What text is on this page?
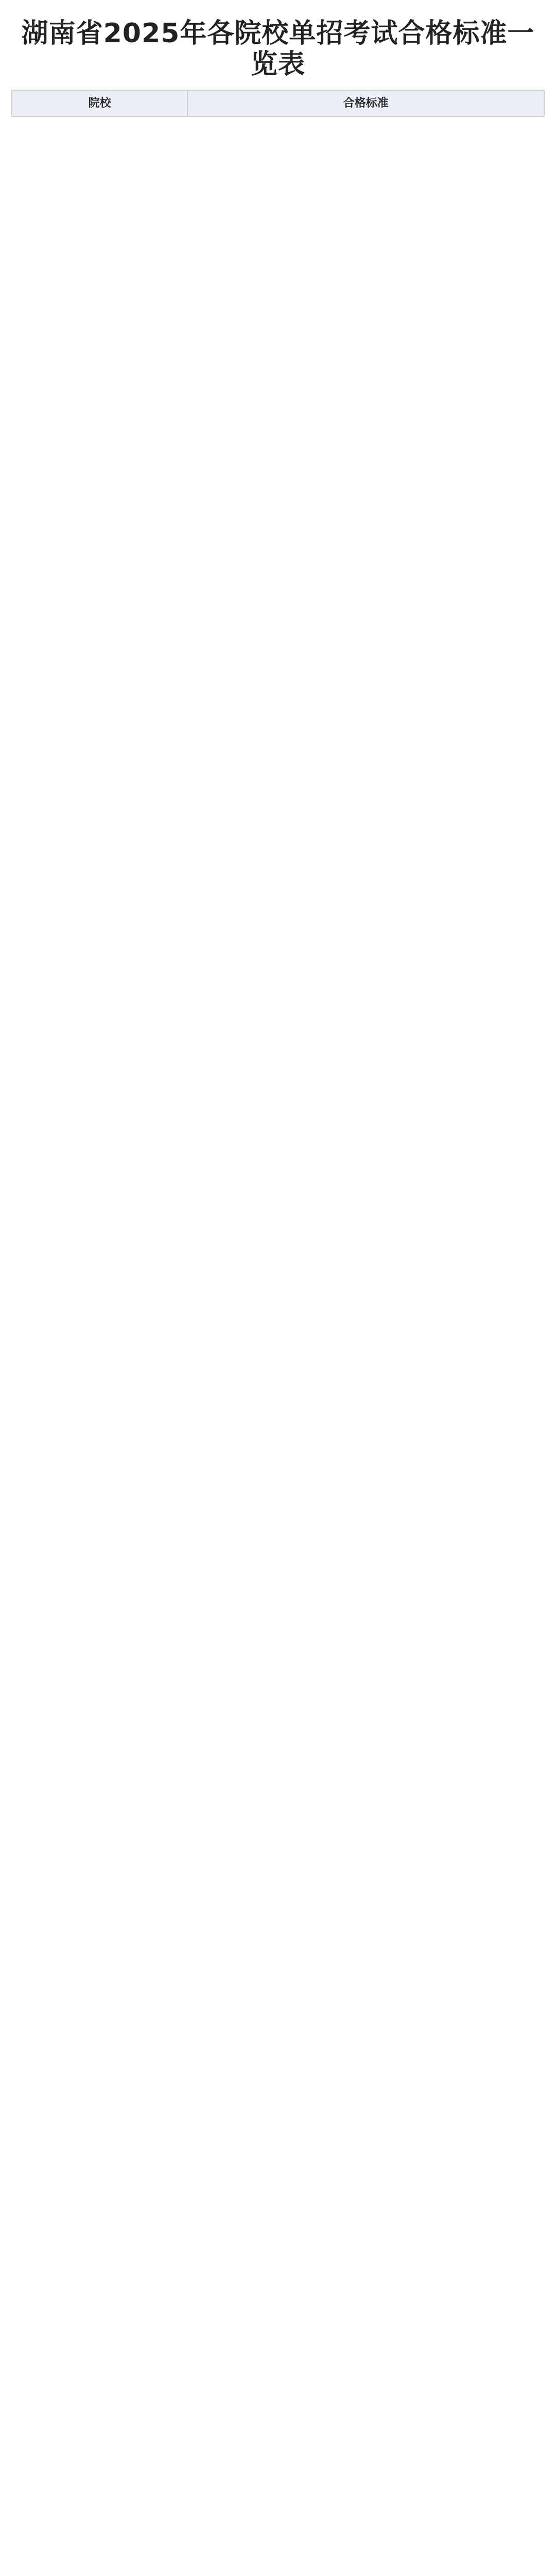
湖南省2025年各院校单招考试合格标准一览表
院校	合格标准
